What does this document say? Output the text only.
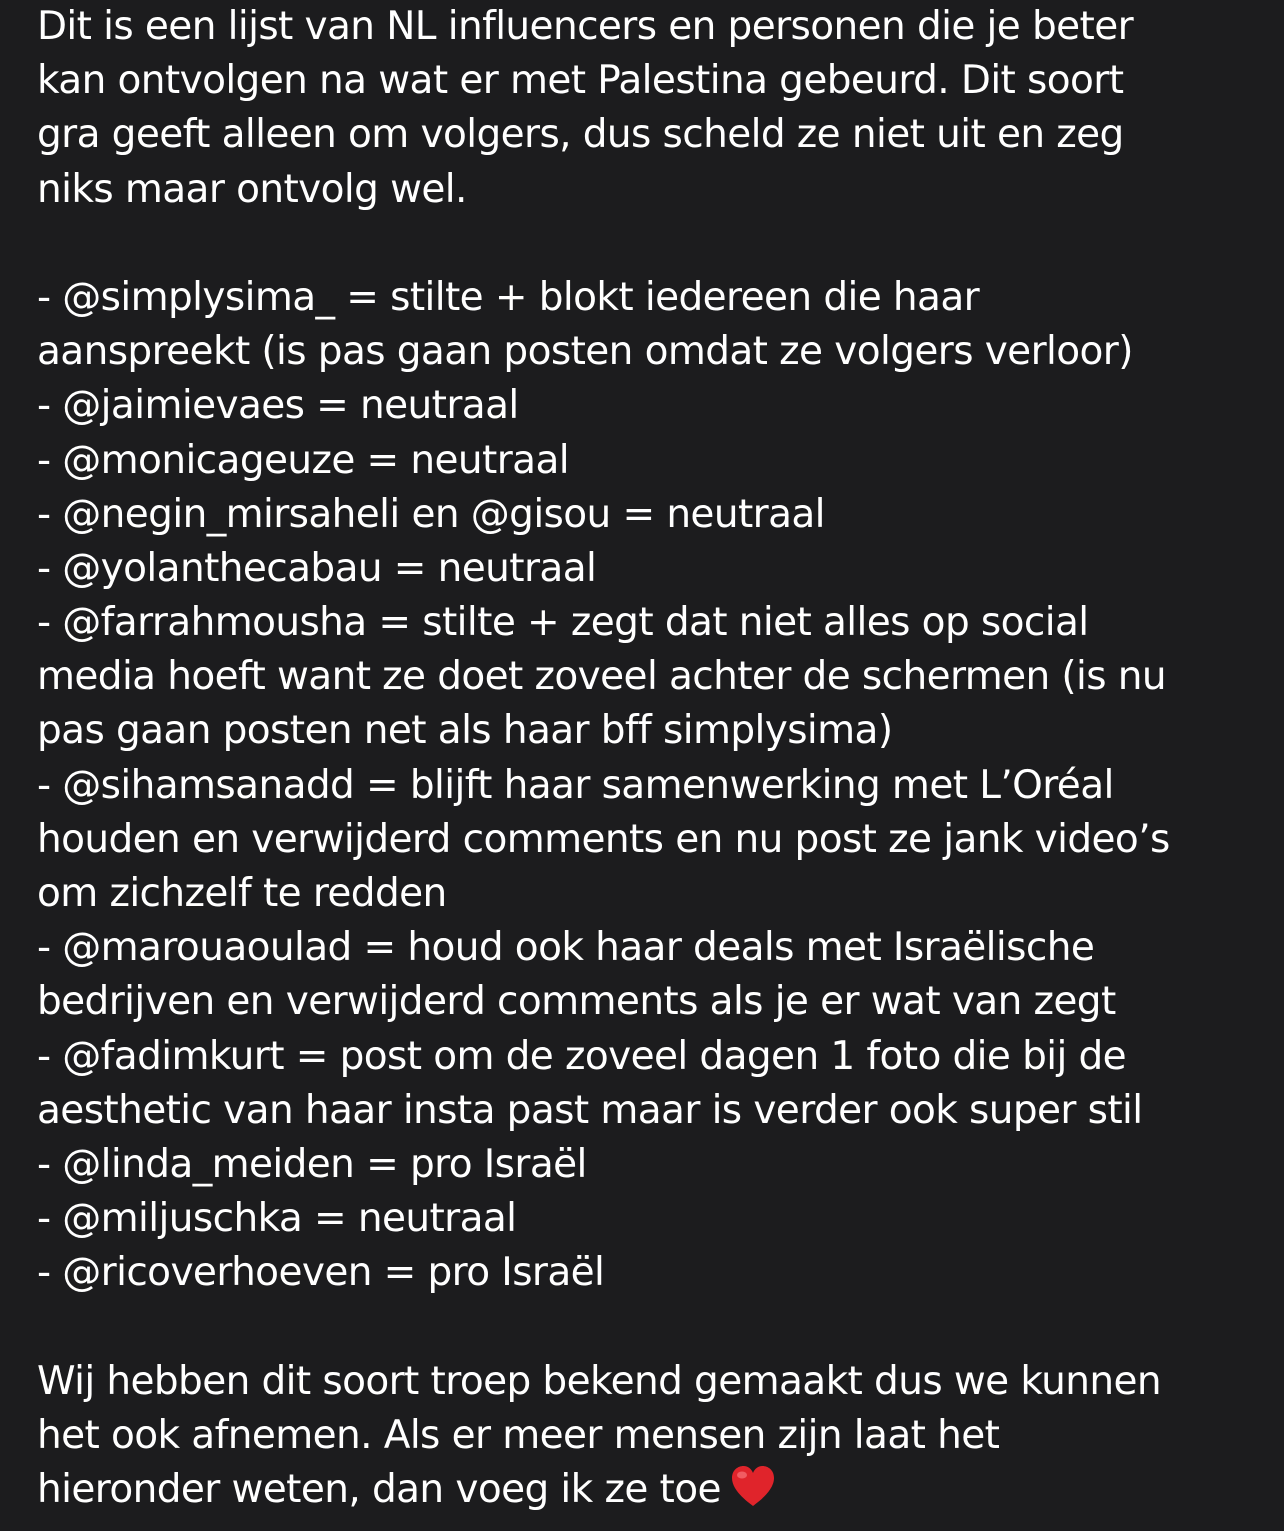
Dit is een lijst van NL influencers en personen die je beter
kan ontvolgen na wat er met Palestina gebeurd. Dit soort
gra geeft alleen om volgers, dus scheld ze niet uit en zeg
niks maar ontvolg wel.
- @simplysima_ = stilte + blokt iedereen die haar
aanspreekt (is pas gaan posten omdat ze volgers verloor)
- @jaimievaes = neutraal
- @monicageuze = neutraal
- @negin_mirsaheli en @gisou = neutraal
- @yolanthecabau = neutraal
- @farrahmousha = stilte + zegt dat niet alles op social
media hoeft want ze doet zoveel achter de schermen (is nu
pas gaan posten net als haar bff simplysima)
- @sihamsanadd = blijft haar samenwerking met L’Oréal
houden en verwijderd comments en nu post ze jank video’s
om zichzelf te redden
- @marouaoulad = houd ook haar deals met Israëlische
bedrijven en verwijderd comments als je er wat van zegt
- @fadimkurt = post om de zoveel dagen 1 foto die bij de
aesthetic van haar insta past maar is verder ook super stil
- @linda_meiden = pro Israël
- @miljuschka = neutraal
- @ricoverhoeven = pro Israël
Wij hebben dit soort troep bekend gemaakt dus we kunnen
het ook afnemen. Als er meer mensen zijn laat het
hieronder weten, dan voeg ik ze toe
